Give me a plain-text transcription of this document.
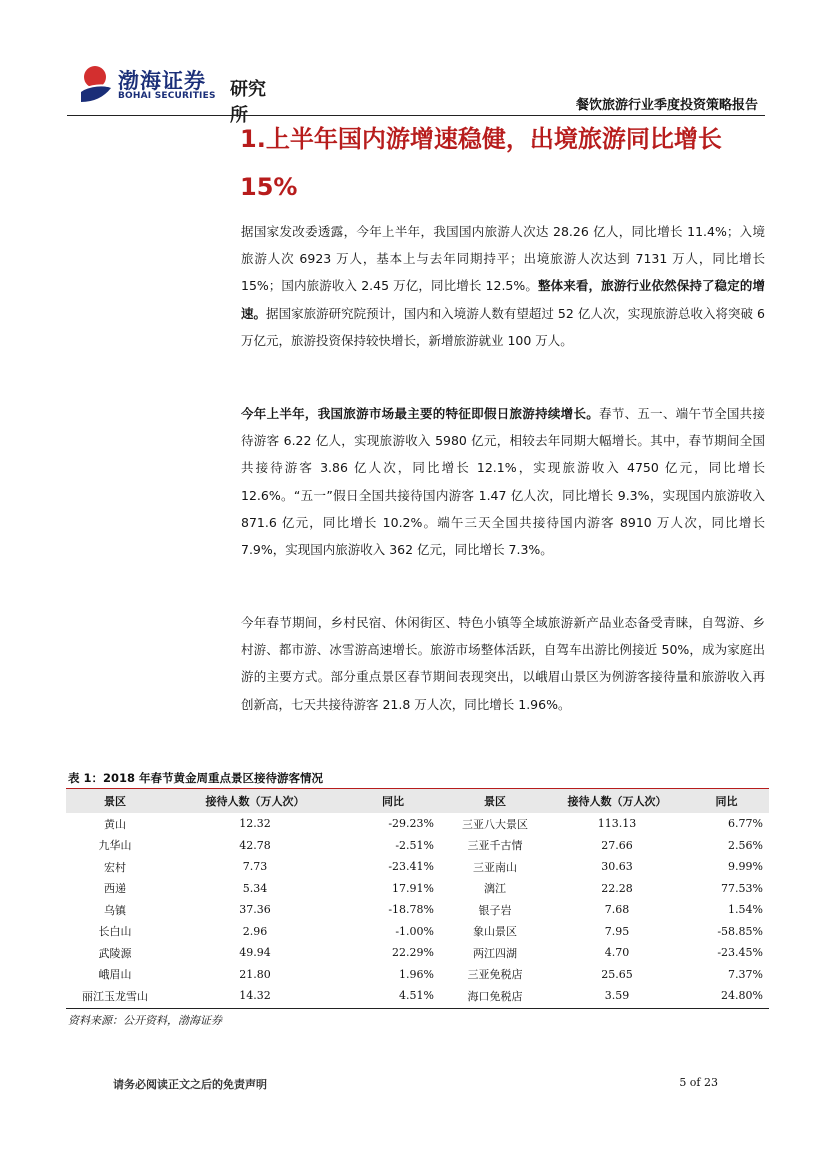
渤海证券
BOHAI SECURITIES 研究所	餐饮旅游行业季度投资策略报告
1.上半年国内游增速稳健，出境旅游同比增长 15%

据国家发改委透露，今年上半年，我国国内旅游人次达 28.26 亿人，同比增长 11.4%；入境旅游人次 6923 万人，基本上与去年同期持平；出境旅游人次达到 7131 万人，同比增长 15%；国内旅游收入 2.45 万亿，同比增长 12.5%。整体来看，旅游行业依然保持了稳定的增速。据国家旅游研究院预计，国内和入境游人数有望超过 52 亿人次，实现旅游总收入将突破 6 万亿元，旅游投资保持较快增长，新增旅游就业 100 万人。

今年上半年，我国旅游市场最主要的特征即假日旅游持续增长。春节、五一、端午节全国共接待游客 6.22 亿人，实现旅游收入 5980 亿元，相较去年同期大幅增长。其中，春节期间全国共接待游客 3.86 亿人次，同比增长 12.1%，实现旅游收入 4750 亿元，同比增长 12.6%。“五一”假日全国共接待国内游客 1.47 亿人次，同比增长 9.3%，实现国内旅游收入 871.6 亿元，同比增长 10.2%。端午三天全国共接待国内游客 8910 万人次，同比增长 7.9%，实现国内旅游收入 362 亿元，同比增长 7.3%。

今年春节期间，乡村民宿、休闲街区、特色小镇等全域旅游新产品业态备受青睐，自驾游、乡村游、都市游、冰雪游高速增长。旅游市场整体活跃，自驾车出游比例接近 50%，成为家庭出游的主要方式。部分重点景区春节期间表现突出，以峨眉山景区为例游客接待量和旅游收入再创新高，七天共接待游客 21.8 万人次，同比增长 1.96%。

表 1：2018 年春节黄金周重点景区接待游客情况
景区	接待人数（万人次）	同比	景区	接待人数（万人次）	同比
黄山	12.32	-29.23%	三亚八大景区	113.13	6.77%
九华山	42.78	-2.51%	三亚千古情	27.66	2.56%
宏村	7.73	-23.41%	三亚南山	30.63	9.99%
西递	5.34	17.91%	漓江	22.28	77.53%
乌镇	37.36	-18.78%	银子岩	7.68	1.54%
长白山	2.96	-1.00%	象山景区	7.95	-58.85%
武陵源	49.94	22.29%	两江四湖	4.70	-23.45%
峨眉山	21.80	1.96%	三亚免税店	25.65	7.37%
丽江玉龙雪山	14.32	4.51%	海口免税店	3.59	24.80%
资料来源：公开资料，渤海证券
请务必阅读正文之后的免责声明	5 of 23
